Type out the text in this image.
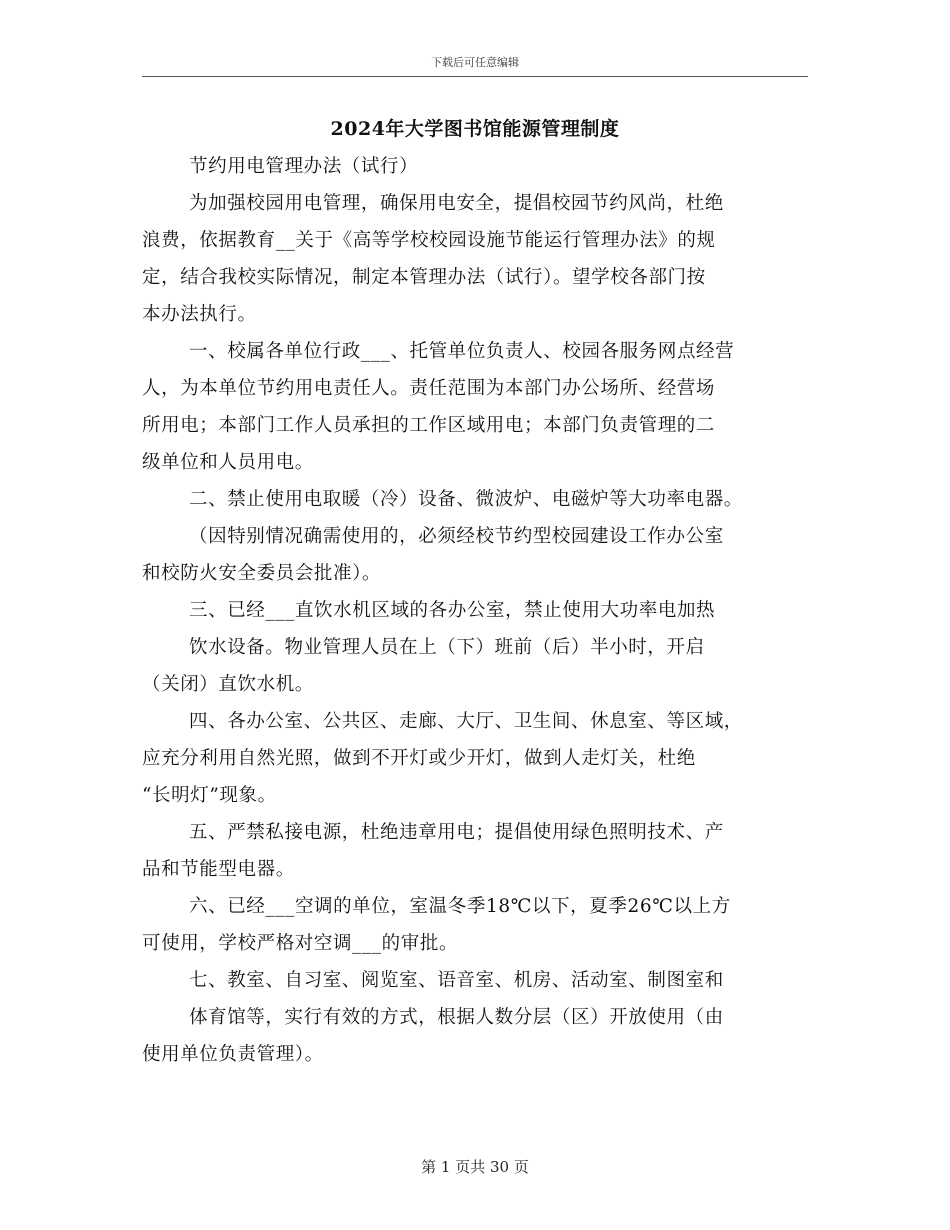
下载后可任意编辑
2024年大学图书馆能源管理制度
节约用电管理办法（试行）
为加强校园用电管理，确保用电安全，提倡校园节约风尚，杜绝
浪费，依据教育__关于《高等学校校园设施节能运行管理办法》的规
定，结合我校实际情况，制定本管理办法（试行）。望学校各部门按
本办法执行。
一、校属各单位行政___、托管单位负责人、校园各服务网点经营
人，为本单位节约用电责任人。责任范围为本部门办公场所、经营场
所用电；本部门工作人员承担的工作区域用电；本部门负责管理的二
级单位和人员用电。
二、禁止使用电取暖（冷）设备、微波炉、电磁炉等大功率电器。
（因特别情况确需使用的，必须经校节约型校园建设工作办公室
和校防火安全委员会批准）。
三、已经___直饮水机区域的各办公室，禁止使用大功率电加热
饮水设备。物业管理人员在上（下）班前（后）半小时，开启
（关闭）直饮水机。
四、各办公室、公共区、走廊、大厅、卫生间、休息室、等区域，
应充分利用自然光照，做到不开灯或少开灯，做到人走灯关，杜绝
“长明灯”现象。
五、严禁私接电源，杜绝违章用电；提倡使用绿色照明技术、产
品和节能型电器。
六、已经___空调的单位，室温冬季18℃以下，夏季26℃以上方
可使用，学校严格对空调___的审批。
七、教室、自习室、阅览室、语音室、机房、活动室、制图室和
体育馆等，实行有效的方式，根据人数分层（区）开放使用（由
使用单位负责管理）。
第 1 页共 30 页
